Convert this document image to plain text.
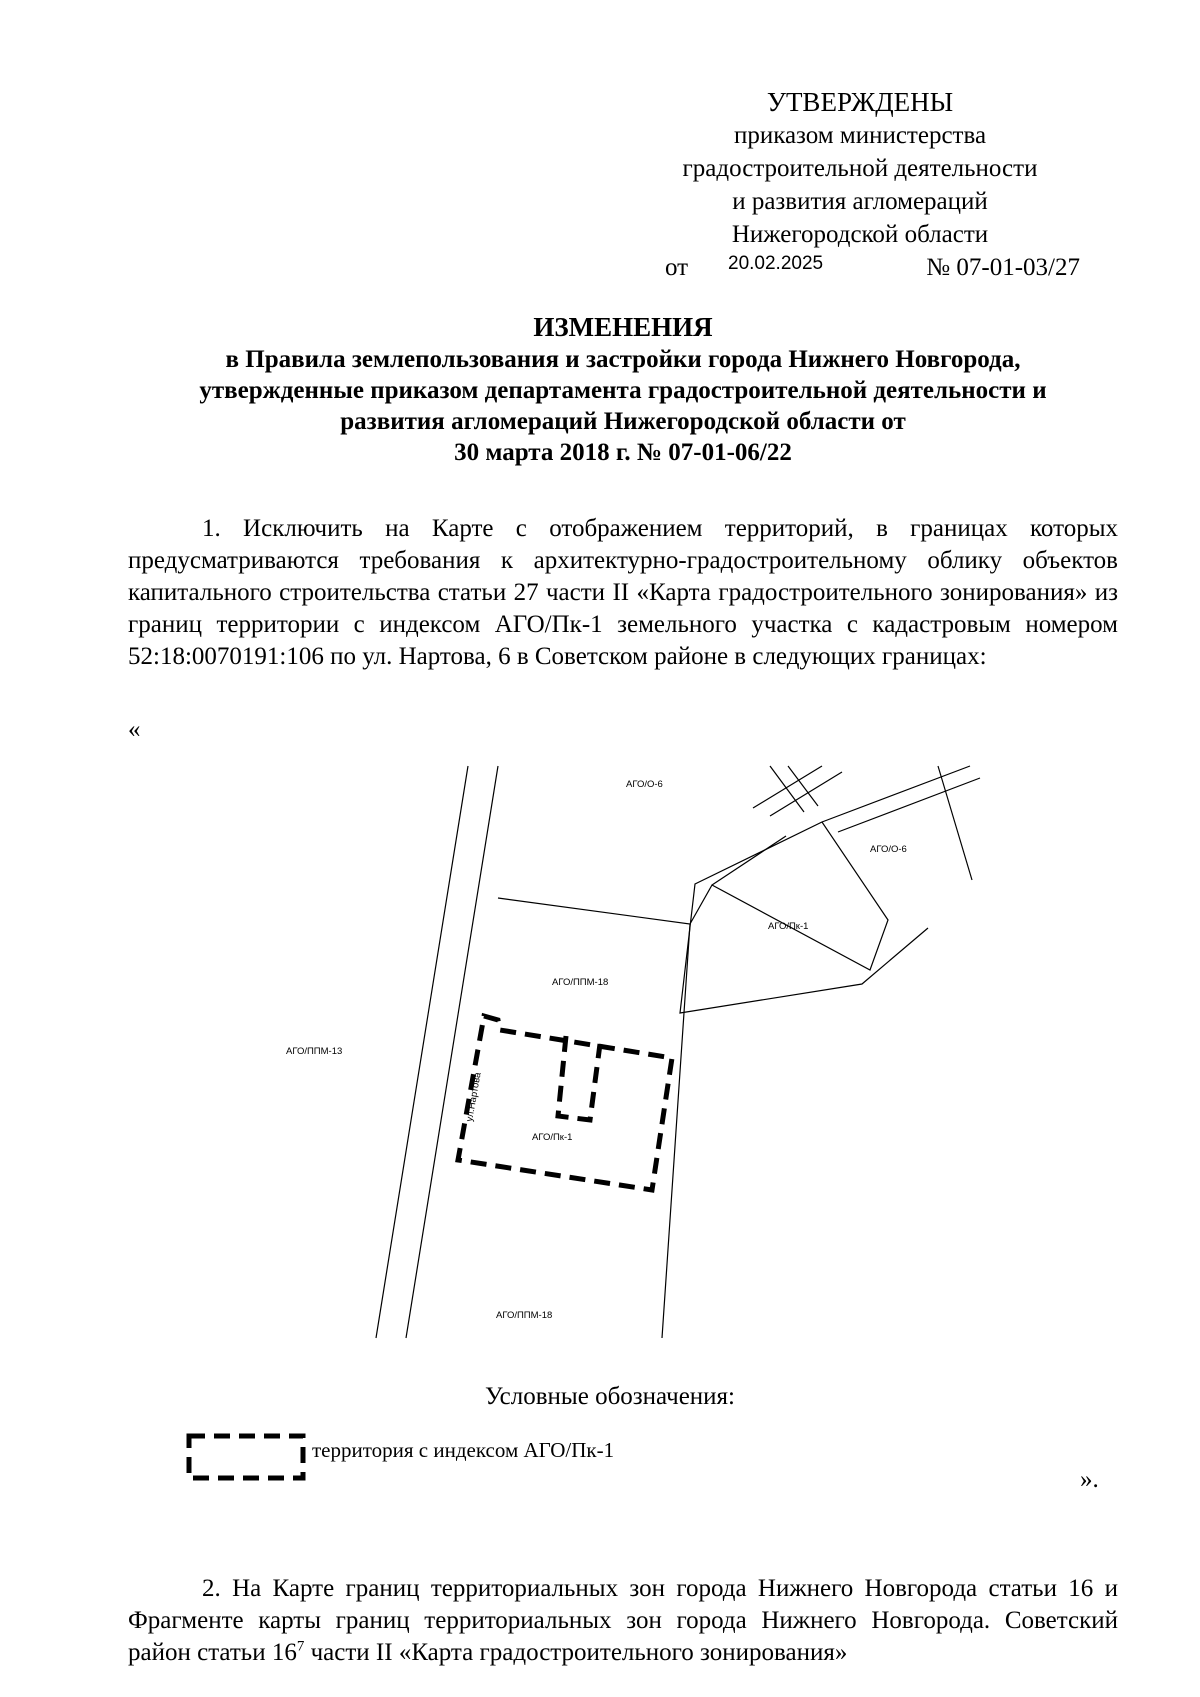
УТВЕРЖДЕНЫ
приказом министерства
градостроительной деятельности
и развития агломераций
Нижегородской области
от 20.02.2025	№ 07-01-03/27
ИЗМЕНЕНИЯ
в Правила землепользования и застройки города Нижнего Новгорода,
утвержденные приказом департамента градостроительной деятельности и
развития агломераций Нижегородской области от
30 марта 2018 г. № 07-01-06/22
1. Исключить на Карте с отображением территорий, в границах которых предусматриваются требования к архитектурно-градостроительному облику объектов капитального строительства статьи 27 части II «Карта градостроительного зонирования» из границ территории с индексом АГО/Пк-1 земельного участка с кадастровым номером 52:18:0070191:106 по ул. Нартова, 6 в Советском районе в следующих границах:
«
АГО/О-6
АГО/О-6
АГО/Пк-1
АГО/ППМ-18
АГО/ППМ-13
ул.Нартова
АГО/Пк-1
АГО/ППМ-18
Условные обозначения:
территория с индексом АГО/Пк-1
».
2. На Карте границ территориальных зон города Нижнего Новгорода статьи 16 и Фрагменте карты границ территориальных зон города Нижнего Новгорода. Советский район статьи $16^7$ части II «Карта градостроительного зонирования»
